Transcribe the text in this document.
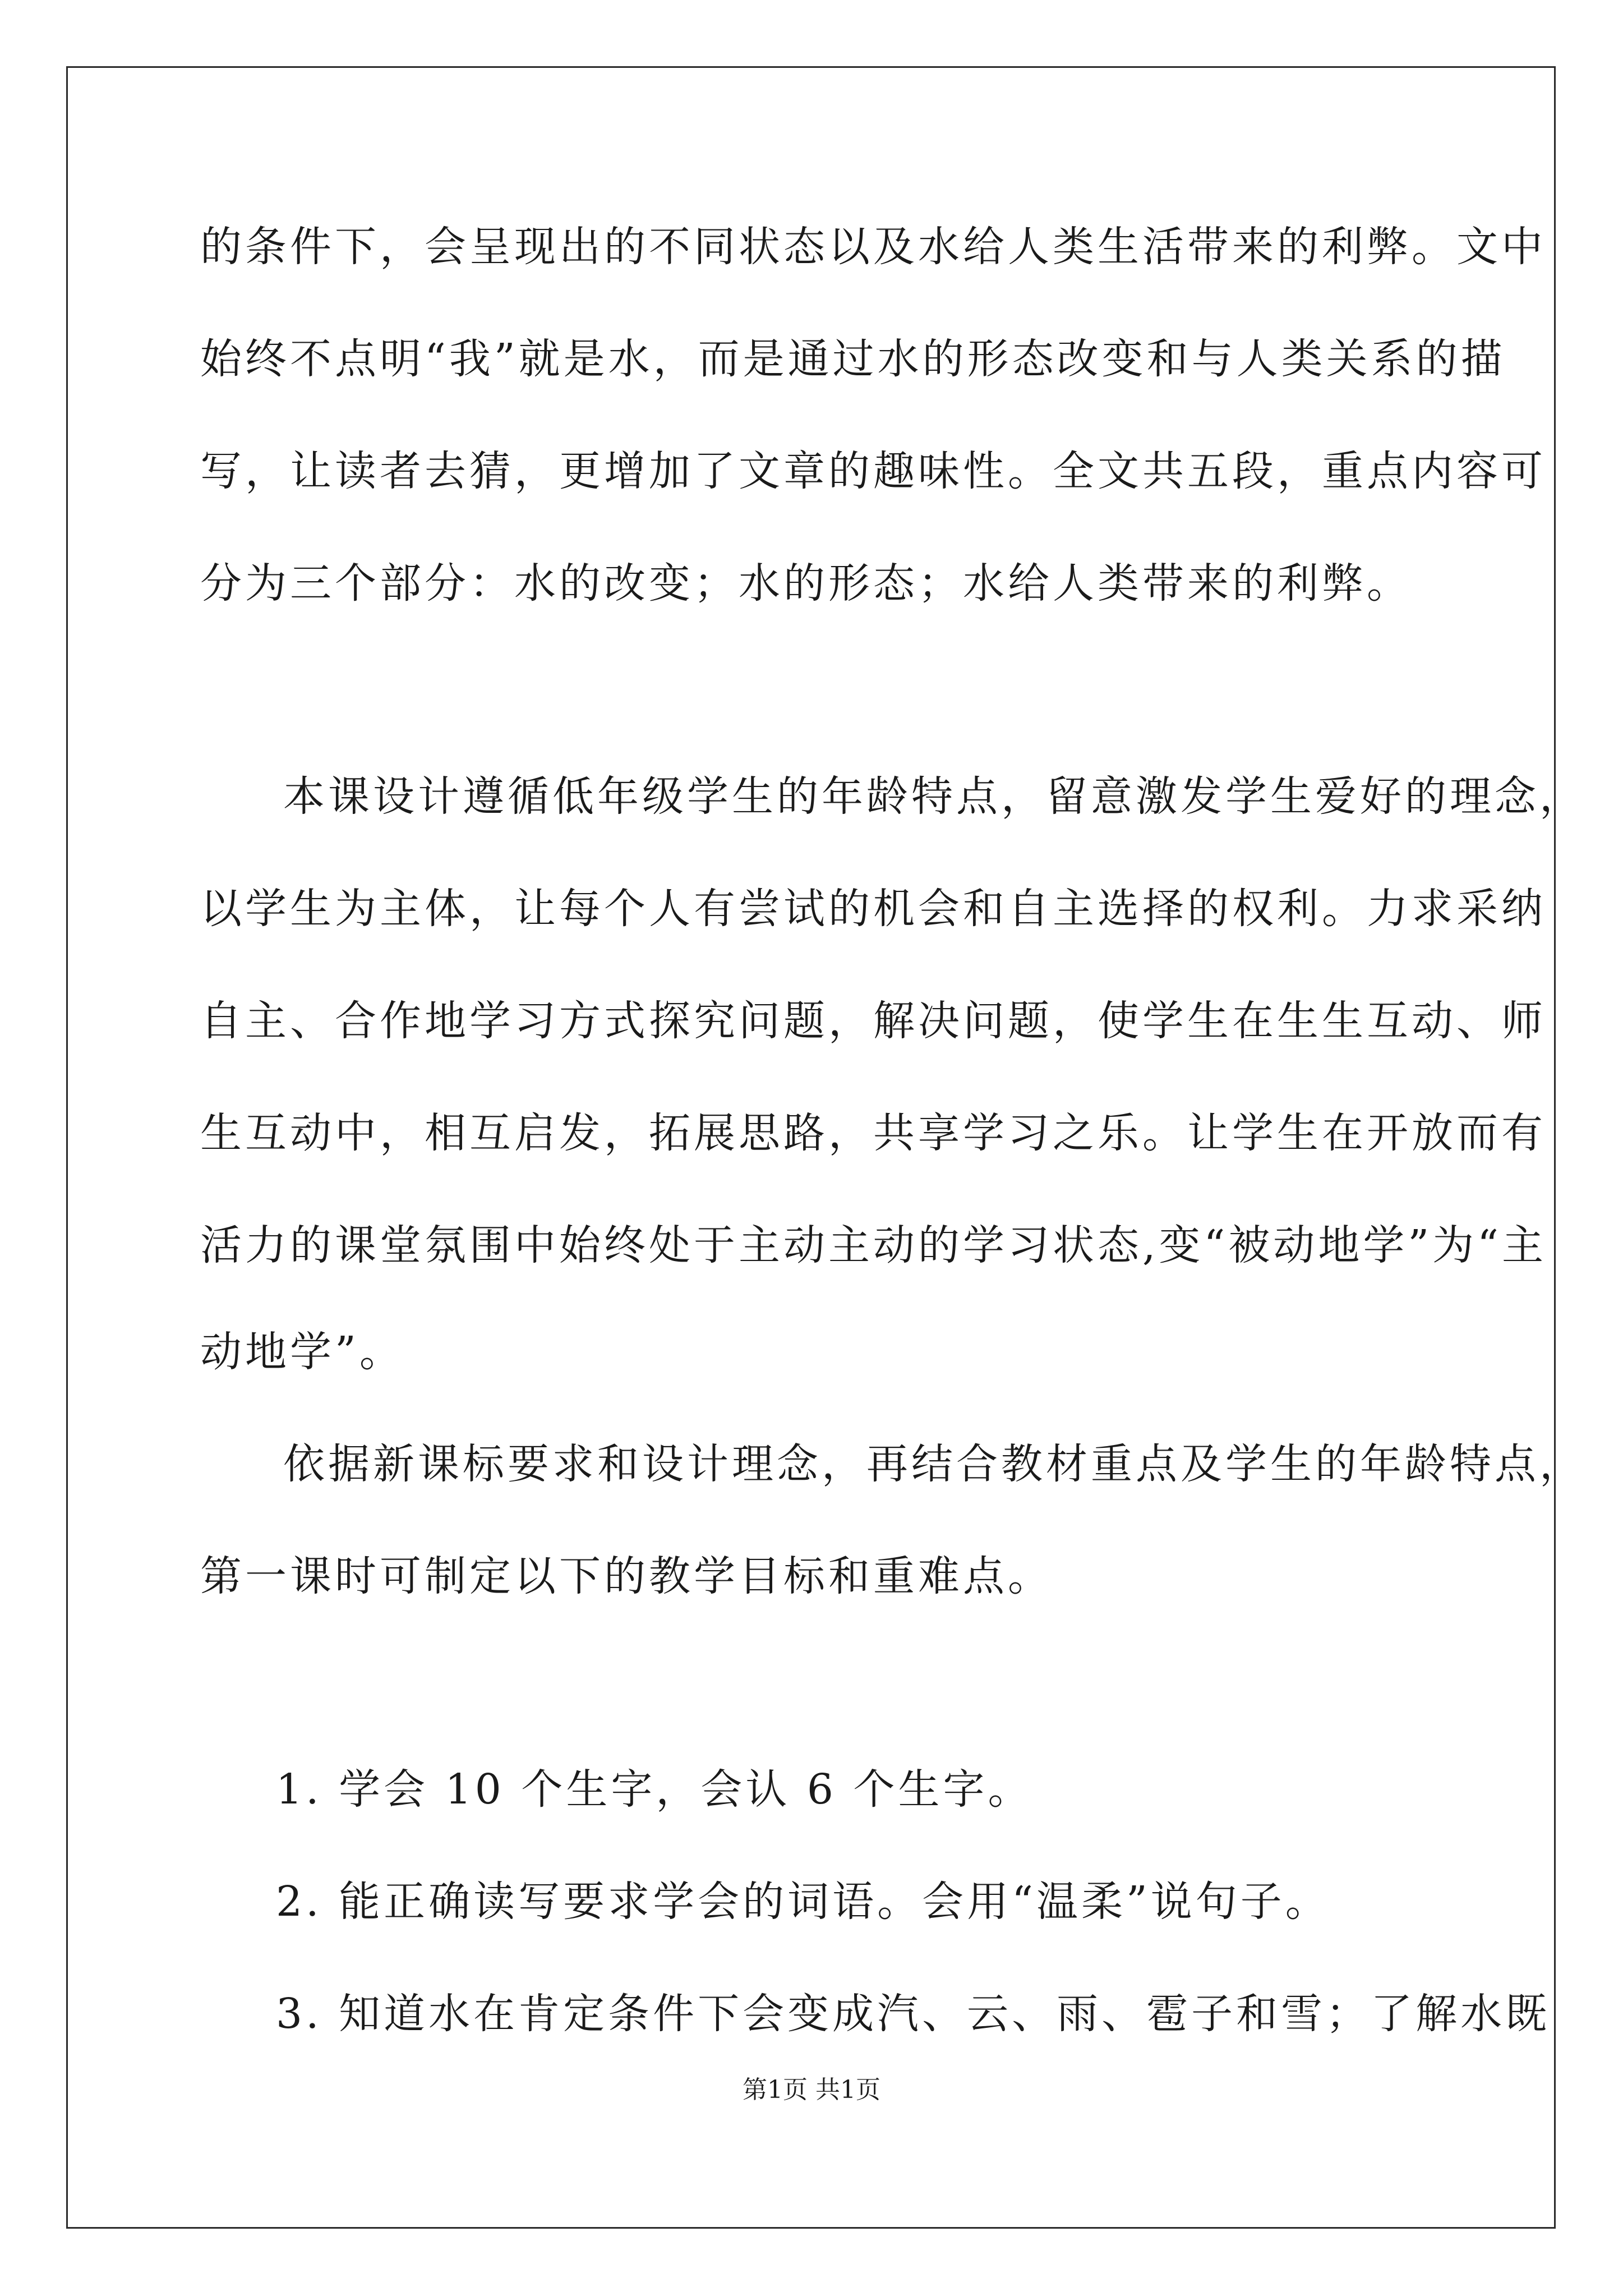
的条件下，会呈现出的不同状态以及水给人类生活带来的利弊。文中

始终不点明“我”就是水，而是通过水的形态改变和与人类关系的描

写，让读者去猜，更增加了文章的趣味性。全文共五段，重点内容可

分为三个部分：水的改变；水的形态；水给人类带来的利弊。

本课设计遵循低年级学生的年龄特点，留意激发学生爱好的理念，

以学生为主体，让每个人有尝试的机会和自主选择的权利。力求采纳

自主、合作地学习方式探究问题，解决问题，使学生在生生互动、师

生互动中，相互启发，拓展思路，共享学习之乐。让学生在开放而有

活力的课堂氛围中始终处于主动主动的学习状态,变“被动地学”为“主

动地学”。

依据新课标要求和设计理念，再结合教材重点及学生的年龄特点，

第一课时可制定以下的教学目标和重难点。

1. 学会 10 个生字，会认 6 个生字。

2. 能正确读写要求学会的词语。会用“温柔”说句子。

3. 知道水在肯定条件下会变成汽、云、雨、雹子和雪；了解水既

第1页 共1页
